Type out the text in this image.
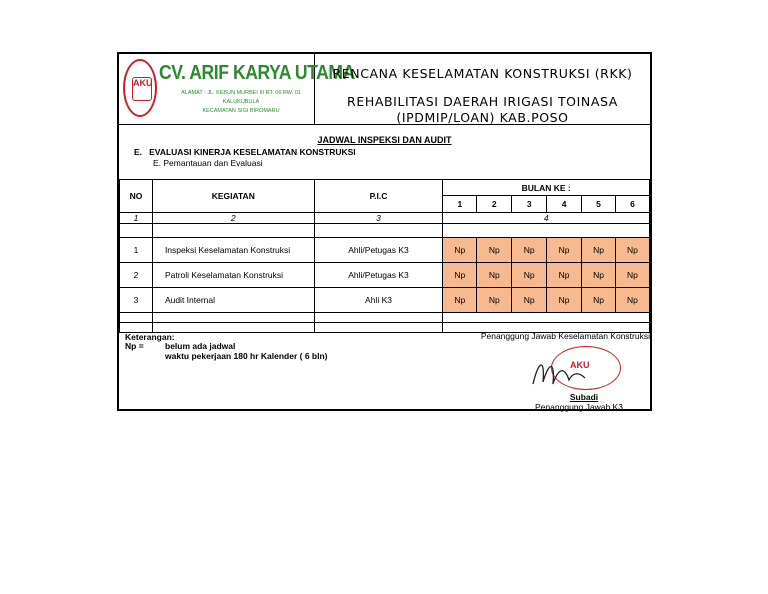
AKU CV. ARIF KARYA UTAMA
ALAMAT : JL. KEBUN MURBEI III RT. 06 RW. 01 KALUKUBULA
KECAMATAN SIGI BIROMARU
RENCANA KESELAMATAN KONSTRUKSI (RKK)
REHABILITASI DAERAH IRIGASI TOINASA
(IPDMIP/LOAN) KAB.POSO
JADWAL INSPEKSI DAN AUDIT
E. EVALUASI KINERJA KESELAMATAN KONSTRUKSI
E. Pemantauan dan Evaluasi
NO	KEGIATAN	P.I.C	BULAN KE :					
			1	2	3	4	5	6
1	2	3	4					

1	Inspeksi Keselamatan Konstruksi	Ahli/Petugas K3	Np	Np	Np	Np	Np	Np
2	Patroli Keselamatan Konstruksi	Ahli/Petugas K3	Np	Np	Np	Np	Np	Np
3	Audit Internal	Ahli K3	Np	Np	Np	Np	Np	Np

Keterangan:
Np =	belum ada jadwal
waktu pekerjaan 180 hr Kalender ( 6 bln)
Penanggung Jawab Keselamatan Konstruksi
AKU
Subadi
Penanggung Jawab K3
